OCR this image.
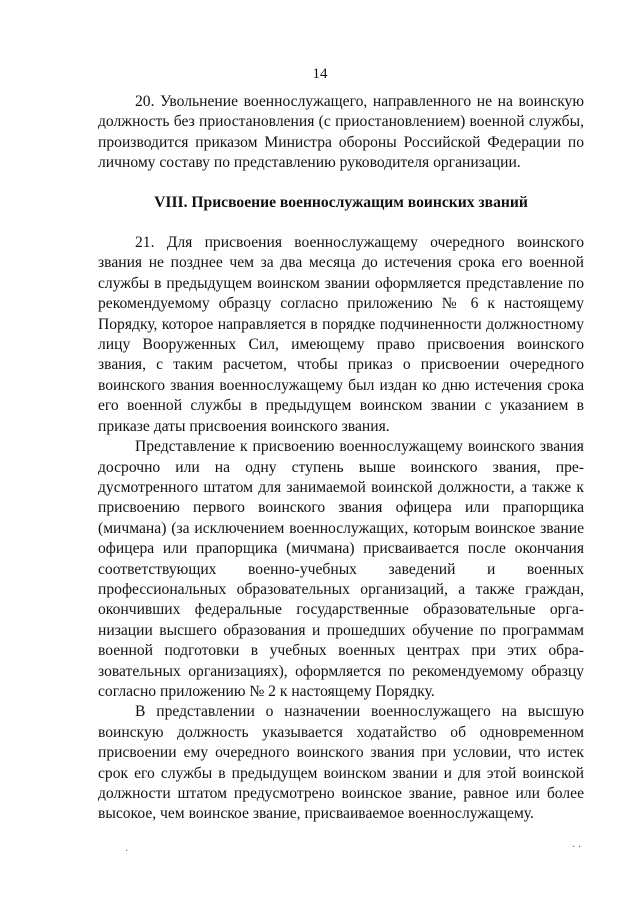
14

20. Увольнение военнослужащего, направленного не на воинскую должность без приостановления (с приостановлением) военной службы, производится приказом Министра обороны Российской Федерации по личному составу по представлению руководителя организации.

VIII. Присвоение военнослужащим воинских званий

21. Для присвоения военнослужащему очередного воинского звания не позднее чем за два месяца до истечения срока его военной службы в предыдущем воинском звании оформляется представление по рекомендуемому образцу согласно приложению № 6 к настоящему Порядку, которое направляется в порядке подчиненности должностному лицу Вооруженных Сил, имеющему право присвоения воинского звания, с таким расчетом, чтобы приказ о присвоении очередного воинского звания военнослужащему был издан ко дню истечения срока его военной службы в предыдущем воинском звании с указанием в приказе даты присвоения воинского звания.

Представление к присвоению военнослужащему воинского звания досрочно или на одну ступень выше воинского звания, предусмотренного штатом для занимаемой воинской должности, а также к присвоению первого воинского звания офицера или прапорщика (мичмана) (за исключением военнослужащих, которым воинское звание офицера или прапорщика (мичмана) присваивается после окончания соответствующих военно-учебных заведений и военных профессиональных образовательных организаций, а также граждан, окончивших федеральные государственные образовательные организации высшего образования и прошедших обучение по программам военной подготовки в учебных военных центрах при этих образовательных организациях), оформляется по рекомендуемому образцу согласно приложению № 2 к настоящему Порядку.

В представлении о назначении военнослужащего на высшую воинскую должность указывается ходатайство об одновременном присвоении ему очередного воинского звания при условии, что истек срок его службы в предыдущем воинском звании и для этой воинской должности штатом предусмотрено воинское звание, равное или более высокое, чем воинское звание, присваиваемое военнослужащему.

·	· ·
